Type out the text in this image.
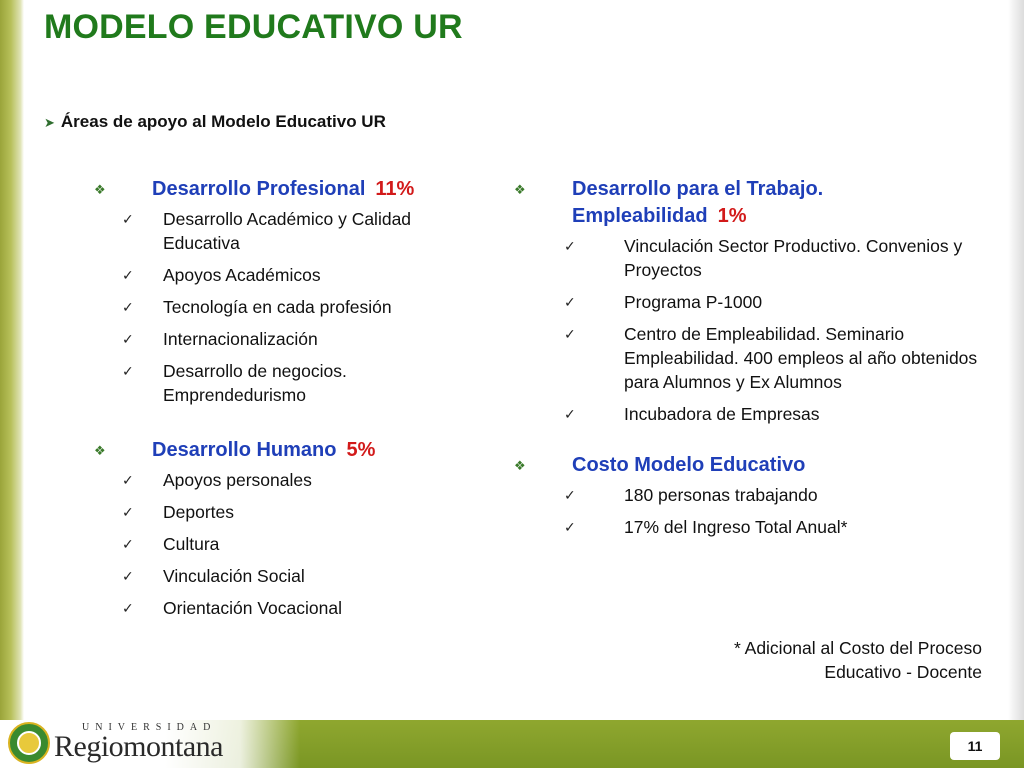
MODELO EDUCATIVO UR
➤ Áreas de apoyo al Modelo Educativo UR
❖	Desarrollo Profesional 11%
✓	Desarrollo Académico y Calidad Educativa
✓	Apoyos Académicos
✓	Tecnología en cada profesión
✓	Internacionalización
✓	Desarrollo de negocios. Emprendedurismo
❖	Desarrollo Humano 5%
✓	Apoyos personales
✓	Deportes
✓	Cultura
✓	Vinculación Social
✓	Orientación Vocacional
❖	Desarrollo para el Trabajo.
Empleabilidad 1%
✓	Vinculación Sector Productivo. Convenios y Proyectos
✓	Programa P-1000
✓	Centro de Empleabilidad. Seminario Empleabilidad. 400 empleos al año obtenidos para Alumnos y Ex Alumnos
✓	Incubadora de Empresas
❖	Costo Modelo Educativo
✓	180 personas trabajando
✓	17% del Ingreso Total Anual*
* Adicional al Costo del Proceso
Educativo - Docente
UNIVERSIDAD
Regiomontana	11
